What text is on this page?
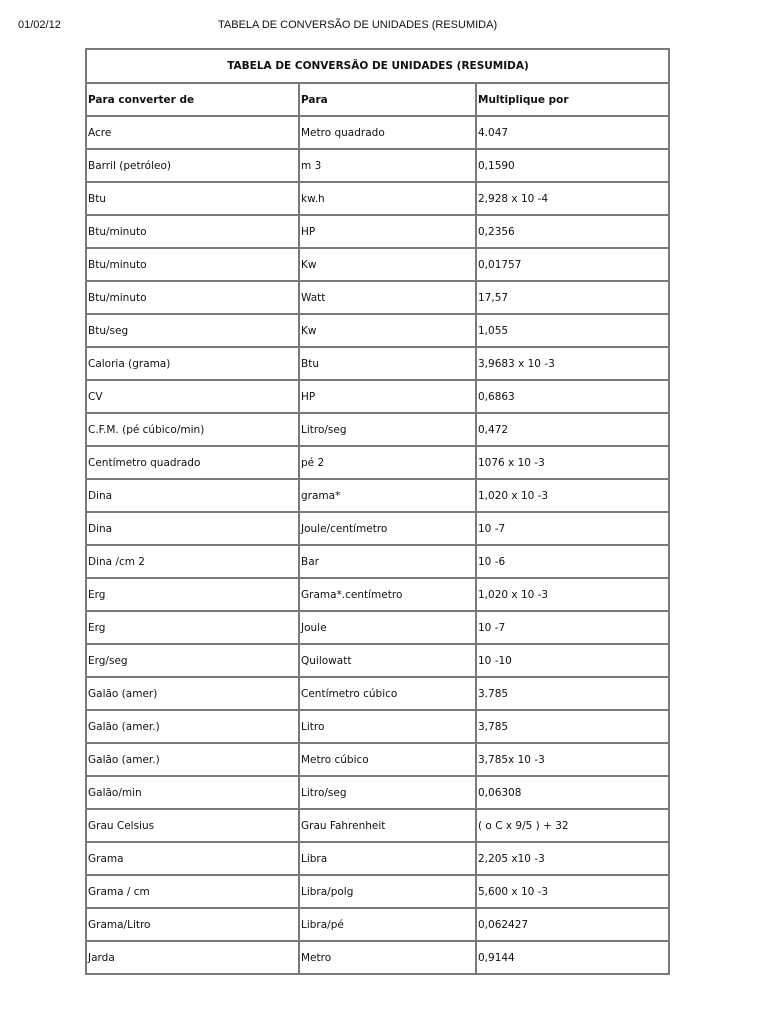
01/02/12	TABELA DE CONVERSÃO DE UNIDADES (RESUMIDA)
TABELA DE CONVERSÃO DE UNIDADES (RESUMIDA)		
Para converter de	Para	Multiplique por
Acre	Metro quadrado	4.047
Barril (petróleo)	m 3	0,1590
Btu	kw.h	2,928 x 10 -4
Btu/minuto	HP	0,2356
Btu/minuto	Kw	0,01757
Btu/minuto	Watt	17,57
Btu/seg	Kw	1,055
Caloria (grama)	Btu	3,9683 x 10 -3
CV	HP	0,6863
C.F.M. (pé cúbico/min)	Litro/seg	0,472
Centímetro quadrado	pé 2	1076 x 10 -3
Dina	grama*	1,020 x 10 -3
Dina	Joule/centímetro	10 -7
Dina /cm 2	Bar	10 -6
Erg	Grama*.centímetro	1,020 x 10 -3
Erg	Joule	10 -7
Erg/seg	Quilowatt	10 -10
Galão (amer)	Centímetro cúbico	3.785
Galão (amer.)	Litro	3,785
Galão (amer.)	Metro cúbico	3,785x 10 -3
Galão/min	Litro/seg	0,06308
Grau Celsius	Grau Fahrenheit	( o C x 9/5 ) + 32
Grama	Libra	2,205 x10 -3
Grama / cm	Libra/polg	5,600 x 10 -3
Grama/Litro	Libra/pé	0,062427
Jarda	Metro	0,9144
